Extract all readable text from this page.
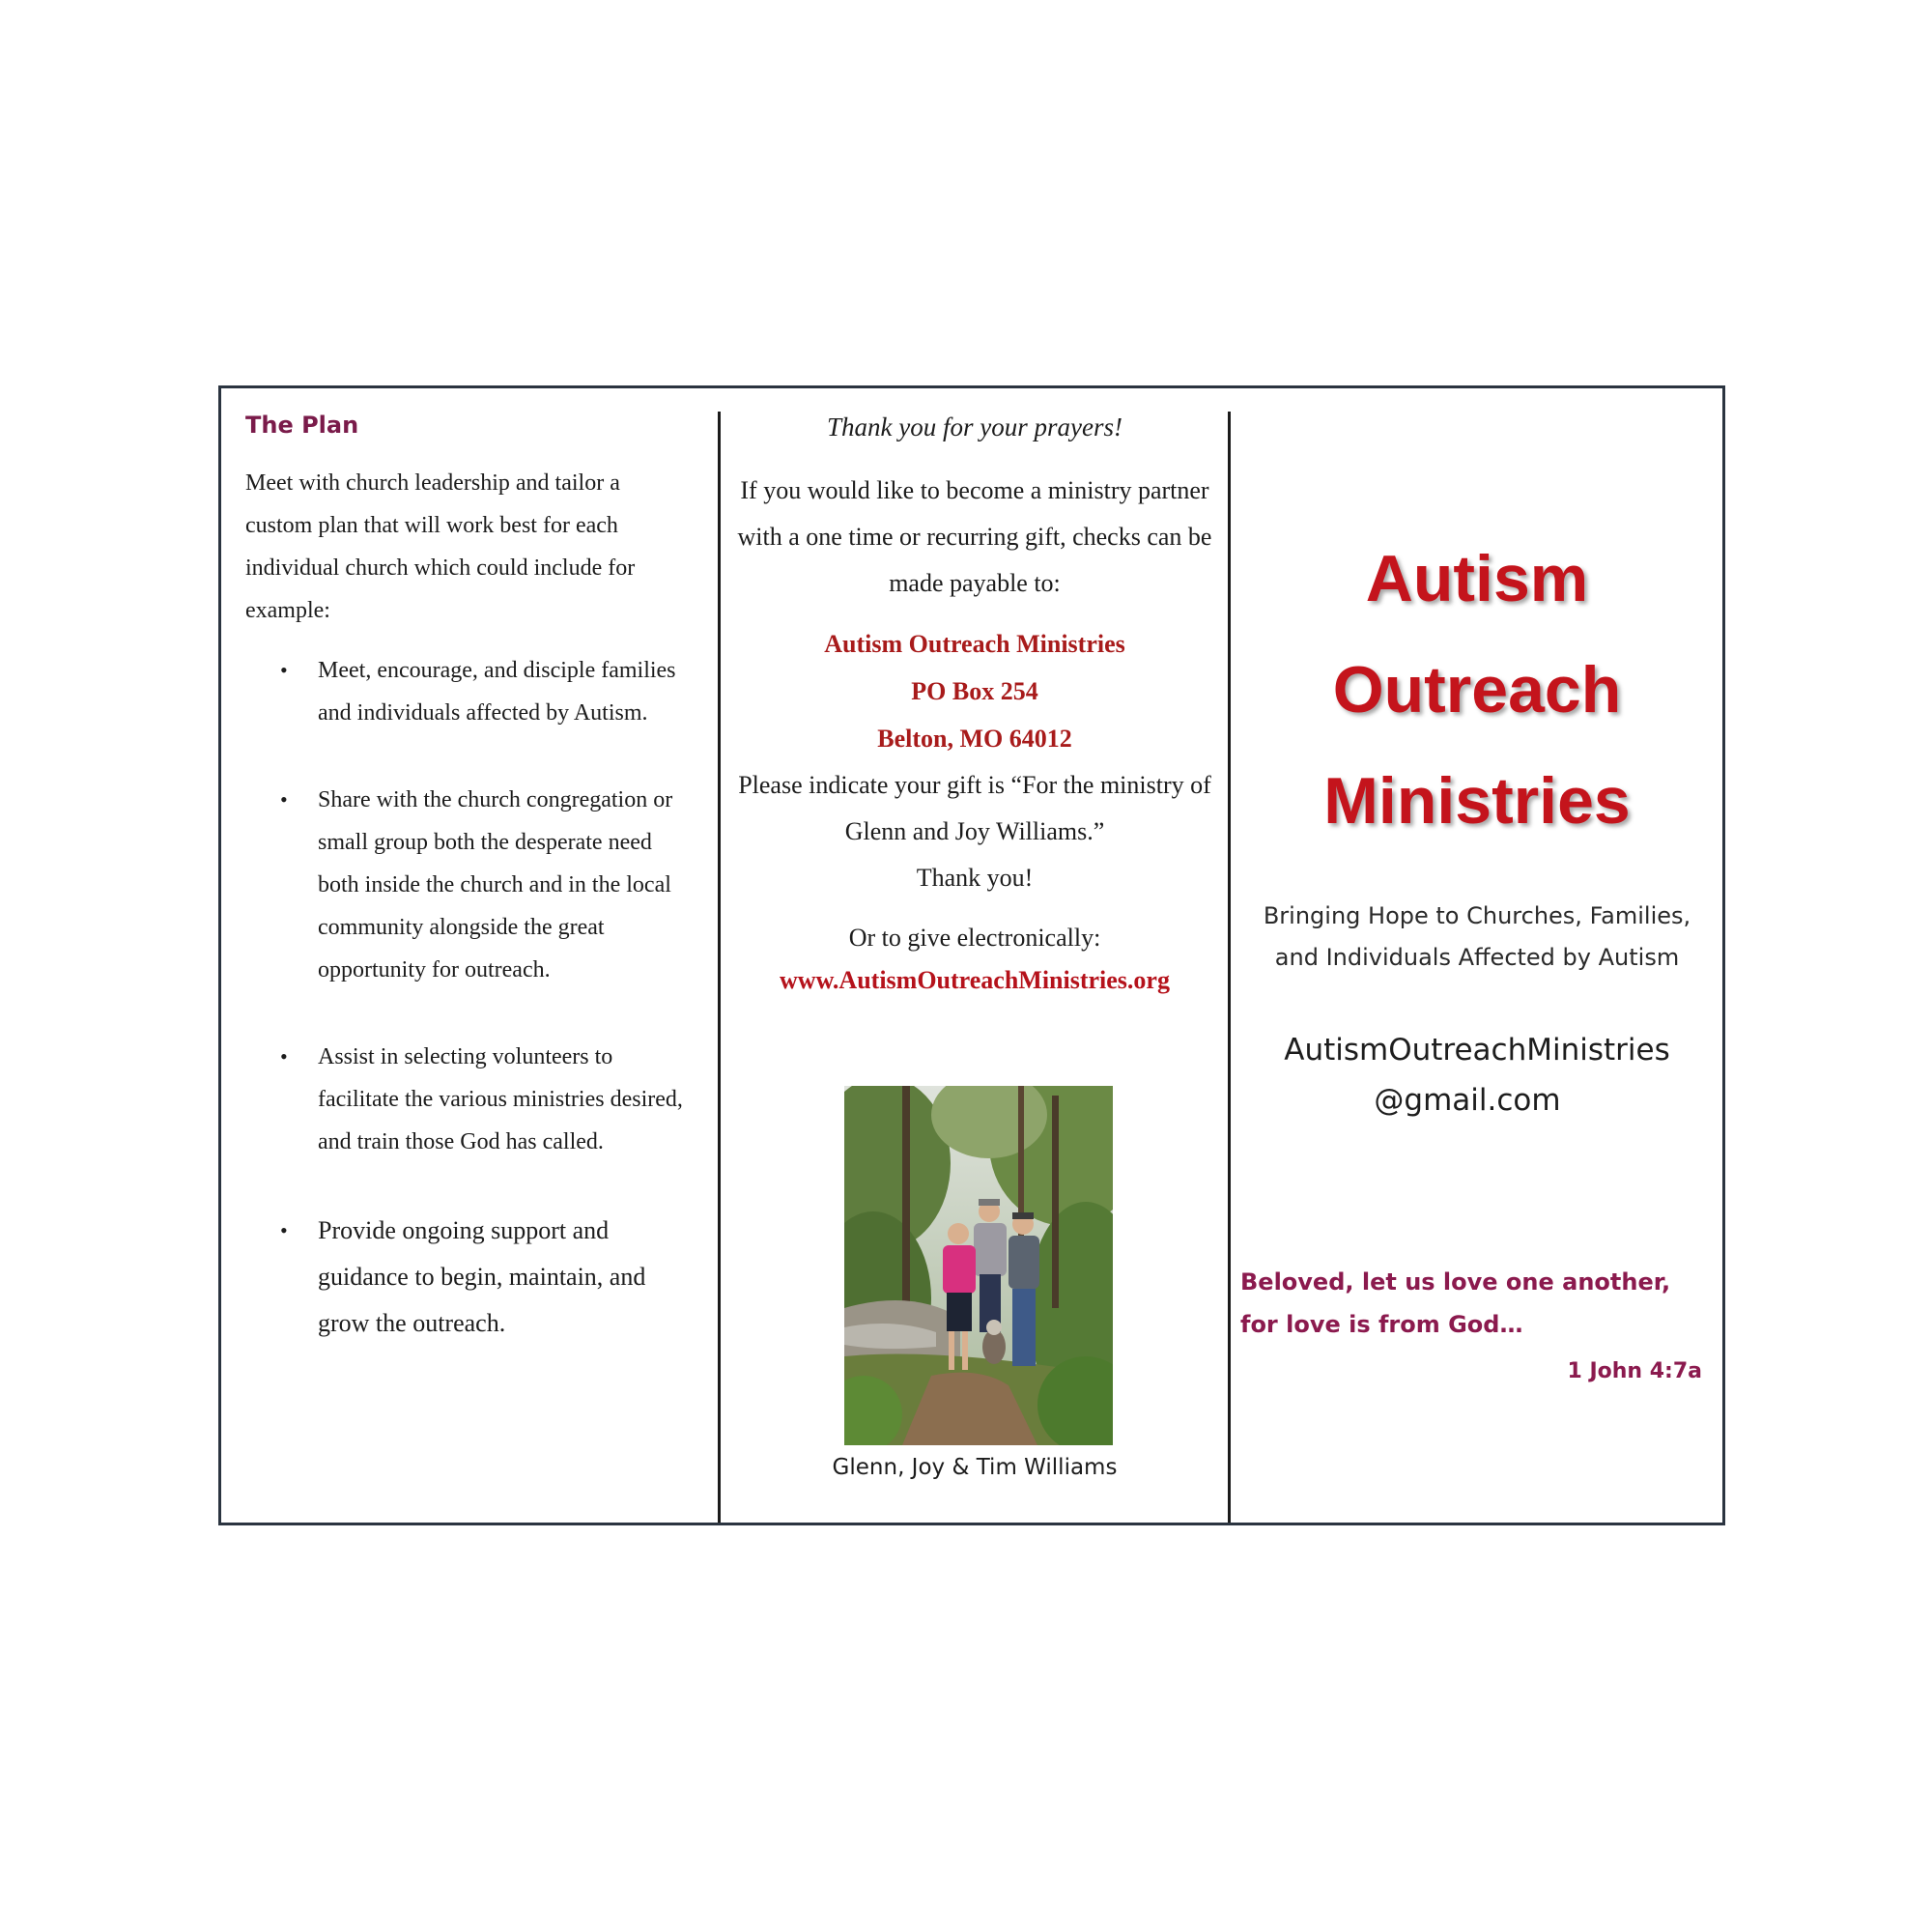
The Plan

Meet with church leadership and tailor a custom plan that will work best for each individual church which could include for example:

• Meet, encourage, and disciple families and individuals affected by Autism.
• Share with the church congregation or small group both the desperate need both inside the church and in the local community alongside the great opportunity for outreach.
• Assist in selecting volunteers to facilitate the various ministries desired, and train those God has called.
• Provide ongoing support and guidance to begin, maintain, and grow the outreach.
Thank you for your prayers!

If you would like to become a ministry partner with a one time or recurring gift, checks can be made payable to:

Autism Outreach Ministries
PO Box 254
Belton, MO 64012

Please indicate your gift is “For the ministry of Glenn and Joy Williams.”

Thank you!

Or to give electronically:
www.AutismOutreachMinistries.org
Glenn, Joy & Tim Williams
Autism
Outreach
Ministries
Bringing Hope to Churches, Families, and Individuals Affected by Autism
AutismOutreachMinistries
@gmail.com
Beloved, let us love one another, for love is from God…
1 John 4:7a
